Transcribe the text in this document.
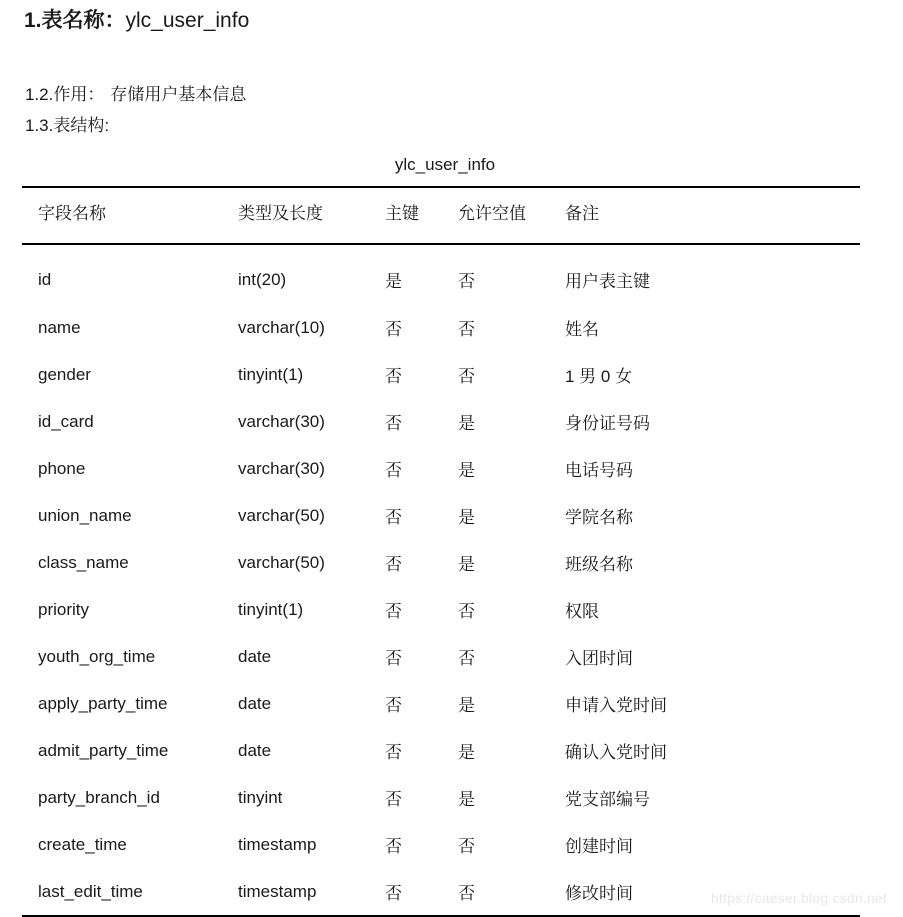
1.表名称：ylc_user_info
1.2.作用： 存储用户基本信息
1.3.表结构:
ylc_user_info
字段名称	类型及长度	主键	允许空值	备注
id	int(20)	是	否	用户表主键
name	varchar(10)	否	否	姓名
gender	tinyint(1)	否	否	1 男 0 女
id_card	varchar(30)	否	是	身份证号码
phone	varchar(30)	否	是	电话号码
union_name	varchar(50)	否	是	学院名称
class_name	varchar(50)	否	是	班级名称
priority	tinyint(1)	否	否	权限
youth_org_time	date	否	否	入团时间
apply_party_time	date	否	是	申请入党时间
admit_party_time	date	否	是	确认入党时间
party_branch_id	tinyint	否	是	党支部编号
create_time	timestamp	否	否	创建时间
last_edit_time	timestamp	否	否	修改时间	https://caeser.blog.csdn.net
